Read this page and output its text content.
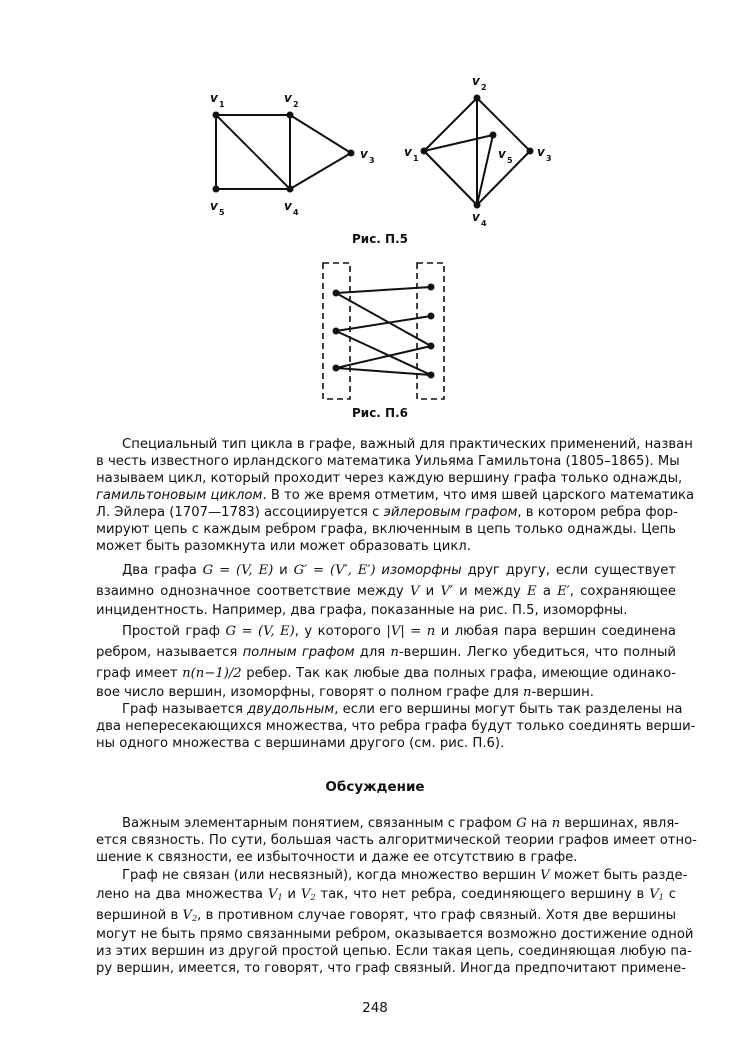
v 1	v 2
v 3
v 4
v 5
v 1
v 2
v 3
v 4
v 5
Рис. П.5
Рис. П.6
Специальный тип цикла в графе, важный для практических применений, назван
в честь известного ирландского математика Уильяма Гамильтона (1805–1865). Мы
называем цикл, который проходит через каждую вершину графа только однажды,
гамильтоновым циклом. В то же время отметим, что имя швей царского математика
Л. Эйлера (1707—1783) ассоциируется с эйлеровым графом, в котором ребра фор-
мируют цепь с каждым ребром графа, включенным в цепь только однажды. Цепь
может быть разомкнута или может образовать цикл.
Два графа G = (V, E) и G′ = (V′, E′) изоморфны друг другу, если существует
взаимно однозначное соответствие между V и V′ и между E а E′, сохраняющее
инцидентность. Например, два графа, показанные на рис. П.5, изоморфны.
Простой граф G = (V, E), у которого |V| = n и любая пара вершин соединена
ребром, называется полным графом для n-вершин. Легко убедиться, что полный
граф имеет n(n−1)/2 ребер. Так как любые два полных графа, имеющие одинако-
вое число вершин, изоморфны, говорят о полном графе для n-вершин.
Граф называется двудольным, если его вершины могут быть так разделены на
два непересекающихся множества, что ребра графа будут только соединять верши-
ны одного множества с вершинами другого (см. рис. П.6).
Обсуждение
Важным элементарным понятием, связанным с графом G на n вершинах, явля-
ется связность. По сути, большая часть алгоритмической теории графов имеет отно-
шение к связности, ее избыточности и даже ее отсутствию в графе.
Граф не связан (или несвязный), когда множество вершин V может быть разде-
лено на два множества $V_1$ и $V_2$ так, что нет ребра, соединяющего вершину в $V_1$ с
вершиной в $V_2$, в противном случае говорят, что граф связный. Хотя две вершины
могут не быть прямо связанными ребром, оказывается возможно достижение одной
из этих вершин из другой простой цепью. Если такая цепь, соединяющая любую па-
ру вершин, имеется, то говорят, что граф связный. Иногда предпочитают примене-
248
